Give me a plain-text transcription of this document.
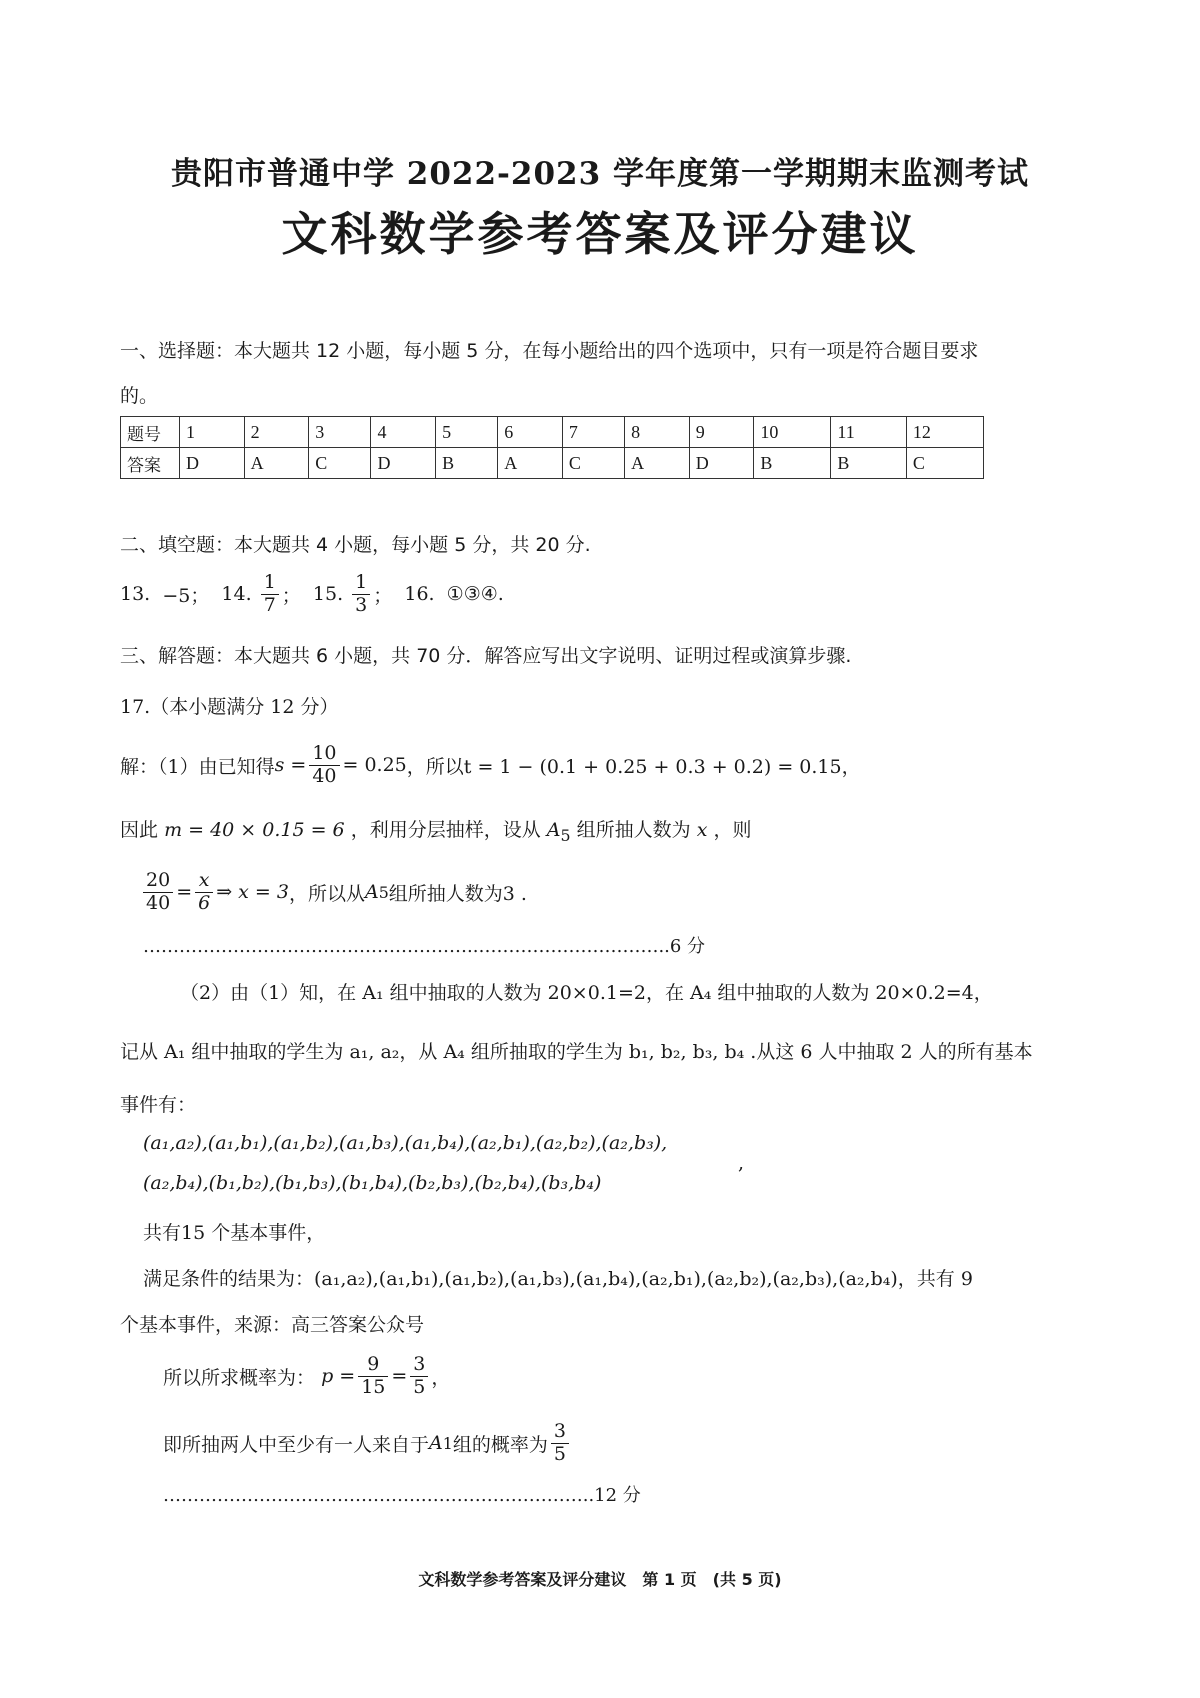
贵阳市普通中学 2022-2023 学年度第一学期期末监测考试
文科数学参考答案及评分建议
一、选择题：本大题共 12 小题，每小题 5 分，在每小题给出的四个选项中，只有一项是符合题目要求
的。
题号	1	2	3	4	5	6	7	8	9	10	11	12
答案	D	A	C	D	B	A	C	A	D	B	B	C
二、填空题：本大题共 4 小题，每小题 5 分，共 20 分.
13.
−5；
14.
$\frac{1}{7}$ ；
15.
$\frac{1}{3}$ ；
16.
①③④.
三、解答题：本大题共 6 小题，共 70 分．解答应写出文字说明、证明过程或演算步骤.
17.（本小题满分 12 分）
解：（1）由已知得 $s = \frac{10}{40} = 0.25$ ，所以 t = 1 − (0.1 + 0.25 + 0.3 + 0.2) = 0.15，
因此 m = 40 × 0.15 = 6 ，利用分层抽样，设从 $A_5$ 组所抽人数为 x ，则
$\frac{20}{40} = \frac{x}{6}$ ⇒ x = 3 ，所以从 A 5 组所抽人数为3 .
………………………………………………..…………………………..6 分
（2）由（1）知，在 A₁ 组中抽取的人数为 20×0.1=2，在 A₄ 组中抽取的人数为 20×0.2=4，
记从 A₁ 组中抽取的学生为 a₁, a₂，从 A₄ 组所抽取的学生为 b₁, b₂, b₃, b₄ .从这 6 人中抽取 2 人的所有基本
事件有：
(a₁,a₂),(a₁,b₁),(a₁,b₂),(a₁,b₃),(a₁,b₄),(a₂,b₁),(a₂,b₂),(a₂,b₃),
,
(a₂,b₄),(b₁,b₂),(b₁,b₃),(b₁,b₄),(b₂,b₃),(b₂,b₄),(b₃,b₄)
共有15 个基本事件，
满足条件的结果为：(a₁,a₂),(a₁,b₁),(a₁,b₂),(a₁,b₃),(a₁,b₄),(a₂,b₁),(a₂,b₂),(a₂,b₃),(a₂,b₄)，共有 9
个基本事件，来源：高三答案公众号
所以所求概率为：
$p = \frac{9}{15} = \frac{3}{5}$ ，
即所抽两人中至少有一人来自于 A 1 组的概率为 $\frac{3}{5}$
…………………………………….………………………..12 分
文科数学参考答案及评分建议　第 1 页　(共 5 页)
